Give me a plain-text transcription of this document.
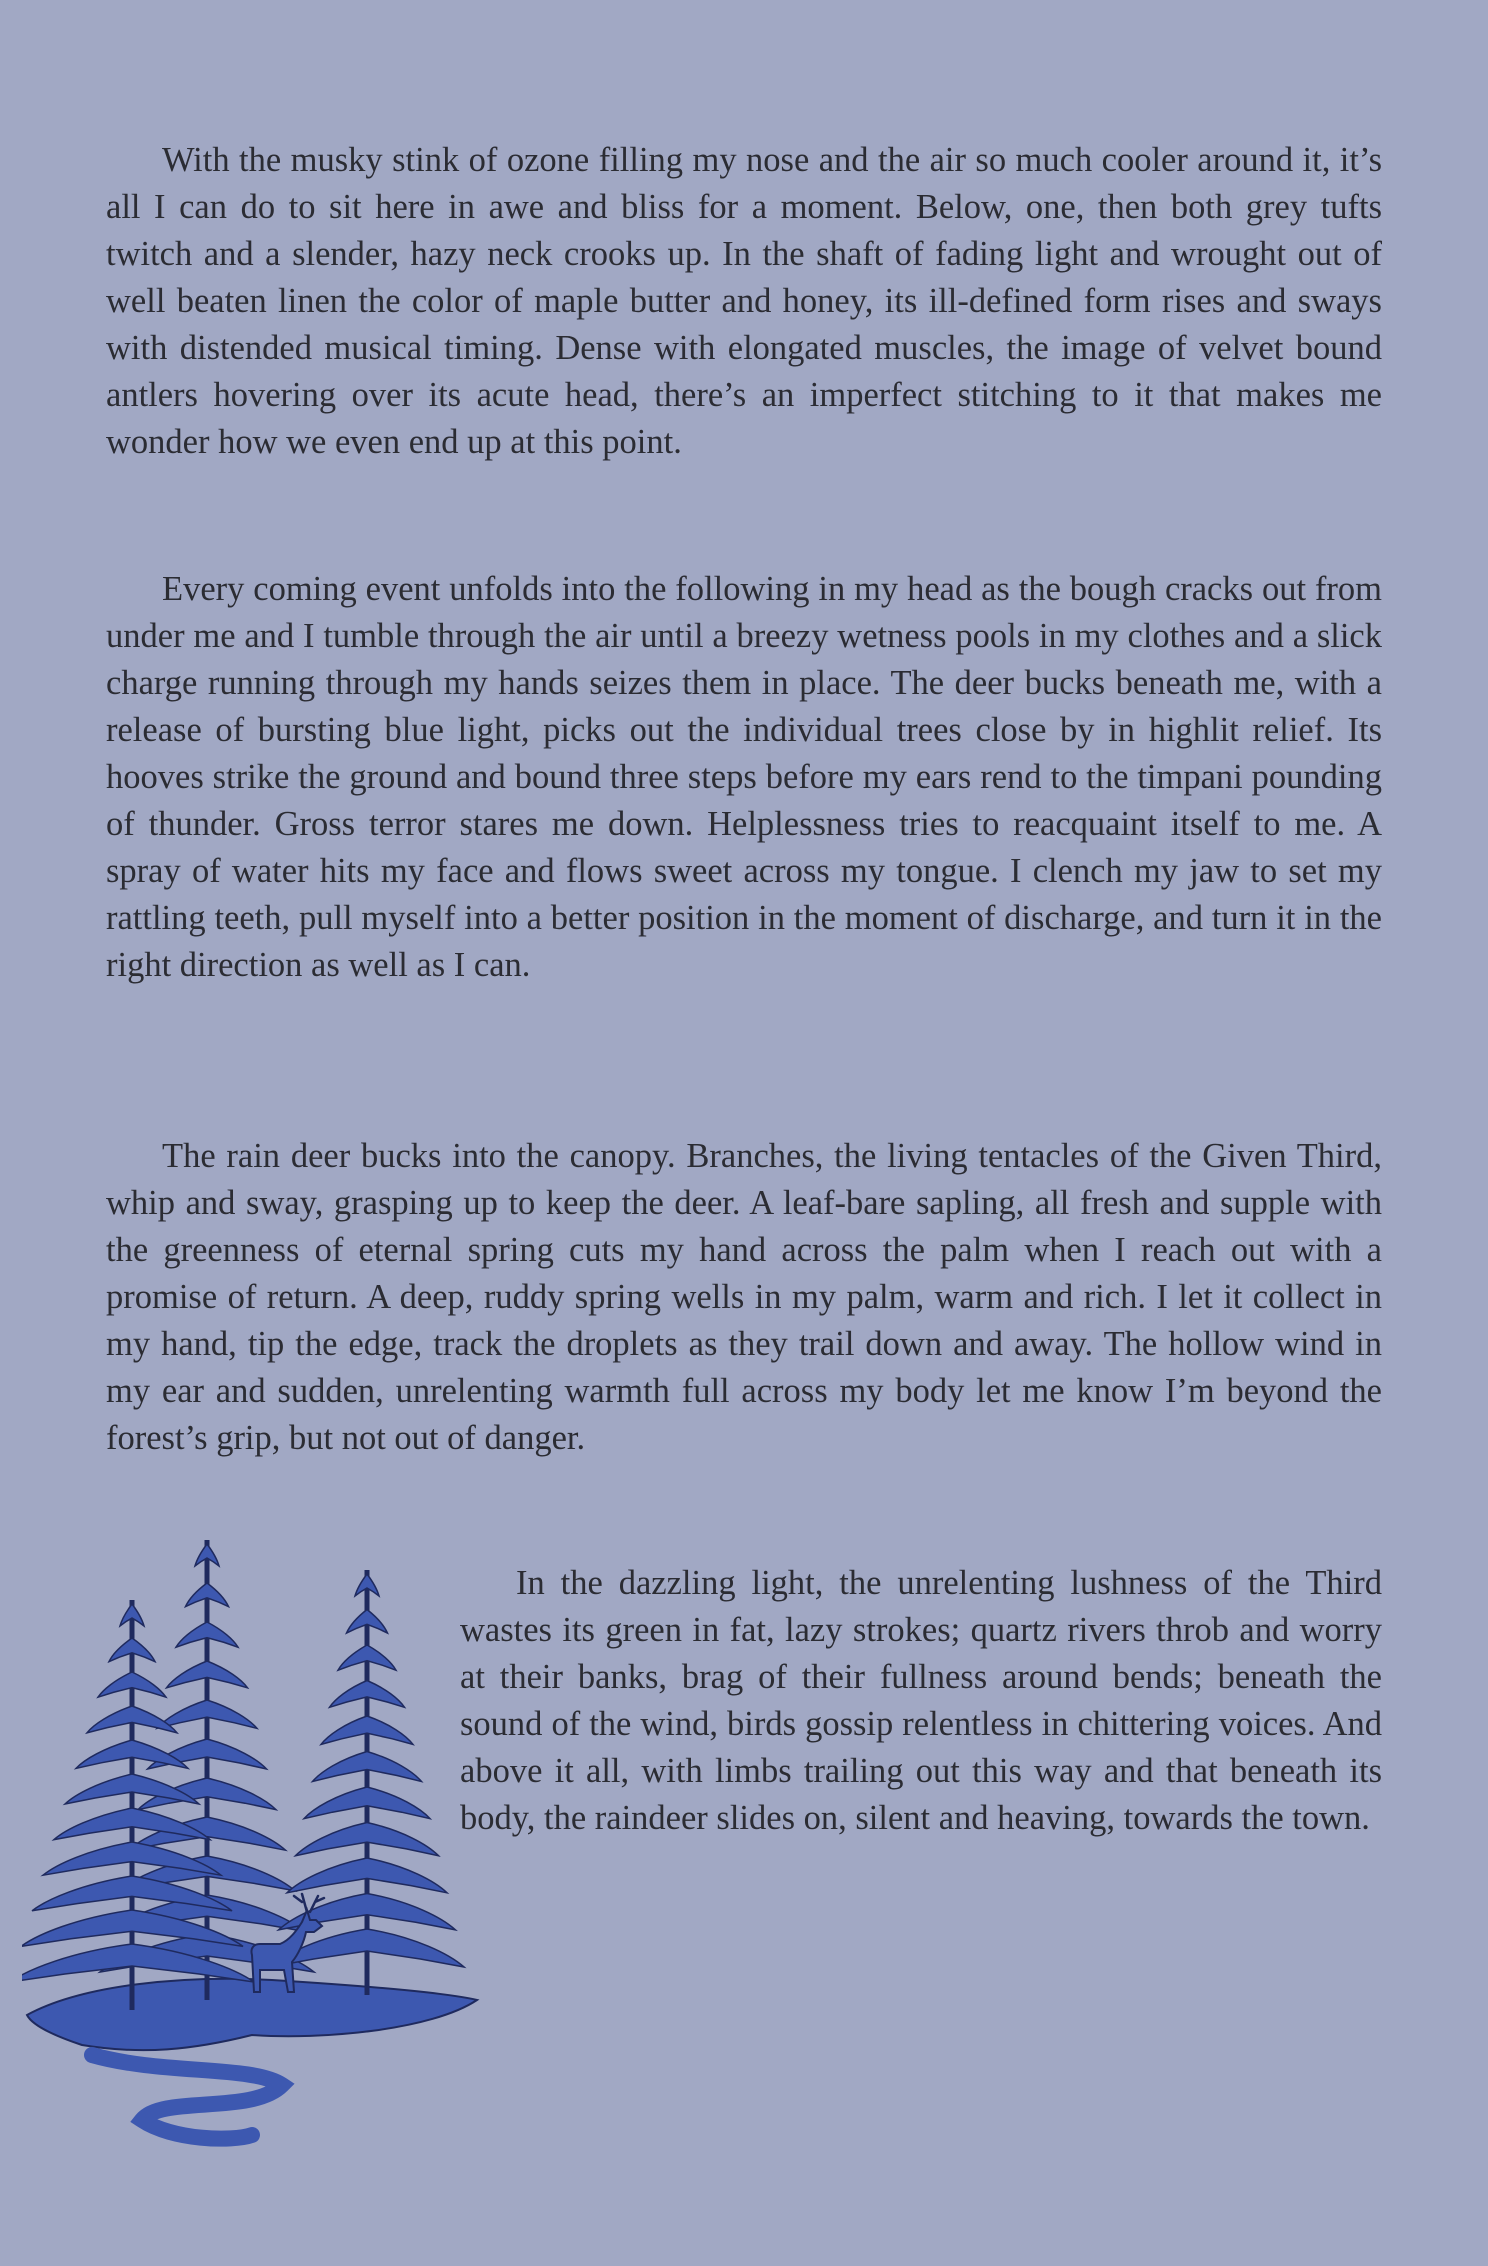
With the musky stink of ozone filling my nose and the air so much cooler around it, it’s all I can do to sit here in awe and bliss for a moment. Below, one, then both grey tufts twitch and a slender, hazy neck crooks up. In the shaft of fading light and wrought out of well beaten linen the color of maple butter and honey, its ill-defined form rises and sways with distended musical timing. Dense with elongated muscles, the image of velvet bound antlers hovering over its acute head, there’s an imperfect stitching to it that makes me wonder how we even end up at this point.

Every coming event unfolds into the following in my head as the bough cracks out from under me and I tumble through the air until a breezy wetness pools in my clothes and a slick charge running through my hands seizes them in place. The deer bucks beneath me, with a release of bursting blue light, picks out the individual trees close by in highlit relief. Its hooves strike the ground and bound three steps before my ears rend to the timpani pounding of thunder. Gross terror stares me down. Helplessness tries to reacquaint itself to me. A spray of water hits my face and flows sweet across my tongue. I clench my jaw to set my rattling teeth, pull myself into a better position in the moment of discharge, and turn it in the right direction as well as I can.

The rain deer bucks into the canopy. Branches, the living tentacles of the Given Third, whip and sway, grasping up to keep the deer. A leaf-bare sapling, all fresh and supple with the greenness of eternal spring cuts my hand across the palm when I reach out with a promise of return. A deep, ruddy spring wells in my palm, warm and rich. I let it collect in my hand, tip the edge, track the droplets as they trail down and away. The hollow wind in my ear and sudden, unrelenting warmth full across my body let me know I’m beyond the forest’s grip, but not out of danger.

In the dazzling light, the unrelenting lushness of the Third wastes its green in fat, lazy strokes; quartz rivers throb and worry at their banks, brag of their fullness around bends; beneath the sound of the wind, birds gossip relentless in chittering voices. And above it all, with limbs trailing out this way and that beneath its body, the raindeer slides on, silent and heaving, towards the town.
